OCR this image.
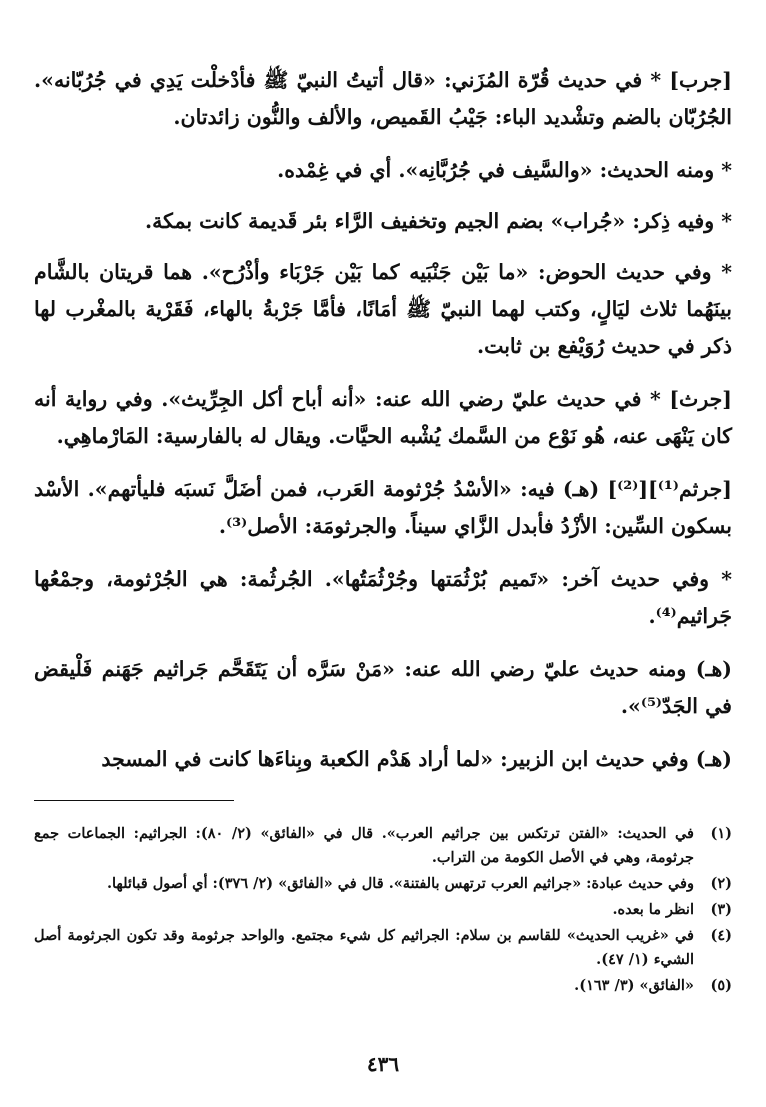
[جرب] * في حديث قُرّة المُزَني: «قال أتيتُ النبيّ ﷺ فأدْخلْت يَدِي في جُرُبّانه». الجُرُبّان بالضم وتشْديد الباء: جَيْبُ القَميص، والألف والنُّون زائدتان.

* ومنه الحديث: «والسَّيف في جُرُبَّانِه». أي في غِمْده.

* وفيه ذِكر: «جُراب» بضم الجيم وتخفيف الرَّاء بئر قَديمة كانت بمكة.

* وفي حديث الحوض: «ما بَيْن جَنْبَيه كما بَيْن جَرْبَاء وأذْرُح». هما قريتان بالشَّام بينَهُما ثلاث ليَالٍ، وكتب لهما النبيّ ﷺ أمَانًا، فأمَّا جَرْبةُ بالهاء، فَقَرْية بالمغْرب لها ذكر في حديث رُوَيْفع بن ثابت.

[جرث] * في حديث عليّ رضي الله عنه: «أنه أباح أكل الجِرِّيث». وفي رواية أنه كان يَنْهَى عنه، هُو نَوْع من السَّمك يُشْبه الحيَّات. ويقال له بالفارسية: المَارْماهِي.

[جرثم⁽¹⁾][⁽²⁾] (هـ) فيه: «الأسْدُ جُرْثومة العَرب، فمن أضَلَّ نَسبَه فليأتهم». الأسْد بسكون السِّين: الأزْدُ فأبدل الزَّاي سيناً. والجرثومَة: الأصل⁽³⁾.

* وفي حديث آخر: «تَميم بُرْثُمَتها وجُرْثُمَتُها». الجُرثُمة: هي الجُرْثومة، وجمْعُها جَراثيم⁽⁴⁾.

(هـ) ومنه حديث عليّ رضي الله عنه: «مَنْ سَرَّه أن يَتَقَحَّم جَراثيم جَهَنم فَلْيقض في الجَدّ⁽⁵⁾».

(هـ) وفي حديث ابن الزبير: «لما أراد هَدْم الكعبة وبِناءَها كانت في المسجد

(١)
في الحديث: «الفتن ترتكس بين جراثيم العرب». قال في «الفائق» (٢/ ٨٠): الجراثيم: الجماعات جمع جرثومة، وهي في الأصل الكومة من التراب.
(٢)
وفي حديث عبادة: «جراثيم العرب ترتهس بالفتنة». قال في «الفائق» (٢/ ٣٧٦): أي أصول قبائلها.
(٣)
انظر ما بعده.
(٤)
في «غريب الحديث» للقاسم بن سلام: الجراثيم كل شيء مجتمع. والواحد جرثومة وقد تكون الجرثومة أصل الشيء (١/ ٤٧).
(٥)
«الفائق» (٣/ ١٦٣).
٤٣٦
